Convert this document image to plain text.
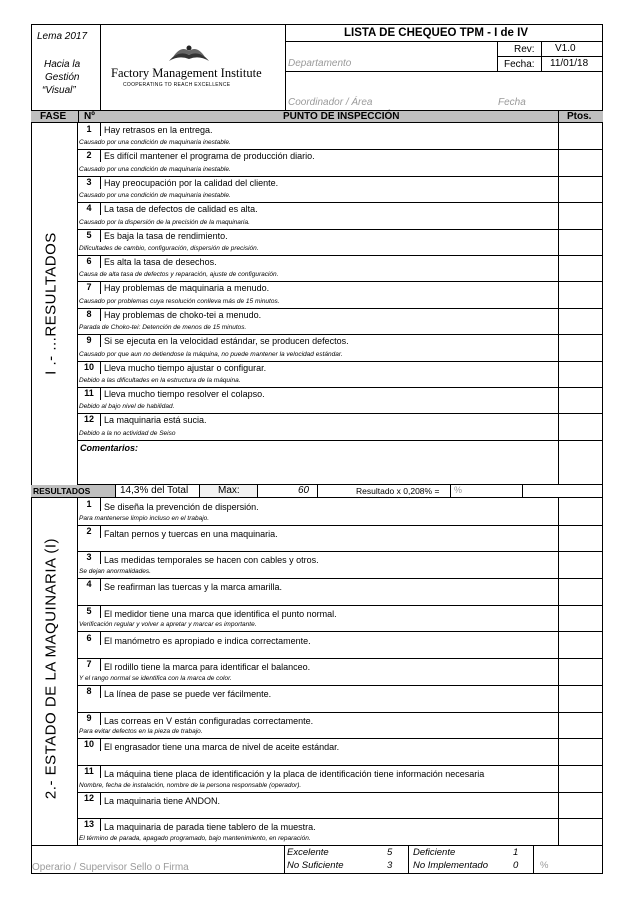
Lema 2017
Hacia la
Gestión
“Visual”
Factory Management Institute
COOPERATING TO REACH EXCELLENCE
LISTA DE CHEQUEO TPM - I de IV
Departamento
Rev: V1.0
Fecha: 11/01/18
Coordinador / Área	Fecha
FASE Nº	PUNTO DE INSPECCIÓN	Ptos.
I .- ...RESULTADOS
1	Hay retrasos en la entrega.
Causado por una condición de maquinaria inestable.
2	Es difícil mantener el programa de producción diario.
Causado por una condición de maquinaria inestable.
3	Hay preocupación por la calidad del cliente.
Causado por una condición de maquinaria inestable.
4	La tasa de defectos de calidad es alta.
Causado por la dispersión de la precisión de la maquinaria.
5	Es baja la tasa de rendimiento.
Dificultades de cambio, configuración, dispersión de precisión.
6	Es alta la tasa de desechos.
Causa de alta tasa de defectos y reparación, ajuste de configuración.
7	Hay problemas de maquinaria a menudo.
Causado por problemas cuya resolución conlleva más de 15 minutos.
8	Hay problemas de choko-tei a menudo.
Parada de Choko-tei: Detención de menos de 15 minutos.
9	Si se ejecuta en la velocidad estándar, se producen defectos.
Causado por que aun no detiendose la máquina, no puede mantener la velocidad estándar.
10 Lleva mucho tiempo ajustar o configurar.
Debido a las dificultades en la estructura de la máquina.
11 Lleva mucho tiempo resolver el colapso.
Debido al bajo nivel de habilidad.
12 La maquinaria está sucia.
Debido a la no actividad de Seiso
Comentarios:
RESULTADOS	14,3% del Total	Max:	60	Resultado x 0,208% = %
2.- ESTADO DE LA MAQUINARIA (I)
1	Se diseña la prevención de dispersión.
Para mantenerse limpio incluso en el trabajo.
2	Faltan pernos y tuercas en una maquinaria.
3	Las medidas temporales se hacen con cables y otros.
Se dejan anormalidades.
4	Se reafirman las tuercas y la marca amarilla.
5	El medidor tiene una marca que identifica el punto normal.
Verificación regular y volver a apretar y marcar es importante.
6	El manómetro es apropiado e indica correctamente.
7	El rodillo tiene la marca para identificar el balanceo.
Y el rango normal se identifica con la marca de color.
8	La línea de pase se puede ver fácilmente.
9	Las correas en V están configuradas correctamente.
Para evitar defectos en la pieza de trabajo.
10 El engrasador tiene una marca de nivel de aceite estándar.
11 La máquina tiene placa de identificación y la placa de identificación tiene información necesaria
Nombre, fecha de instalación, nombre de la persona responsable (operador).
12 La maquinaria tiene ANDON.
13 La maquinaria de parada tiene tablero de la muestra.
El término de parada, apagado programado, bajo mantenimiento, en reparación.
Operario / Supervisor Sello o Firma
Excelente	5
No Suficiente	3
Deficiente	1
No Implementado	0 %
